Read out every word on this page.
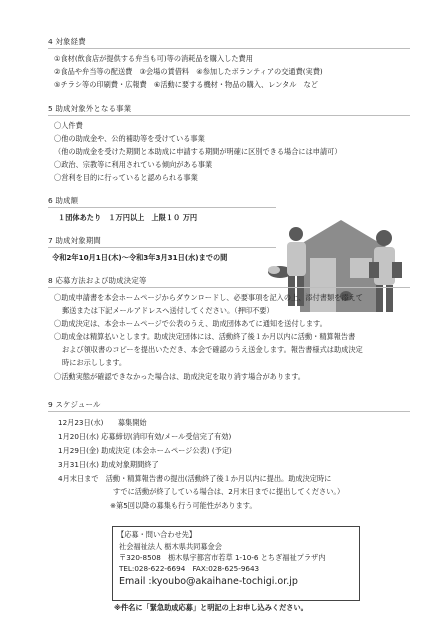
4 対象経費
①食材(飲食店が提供する弁当も可)等の消耗品を購入した費用
②食品や弁当等の配送費　③会場の賃借料　④参加したボランティアの交通費(実費)
⑤チラシ等の印刷費・広報費　⑥活動に要する機材・物品の購入、レンタル　など
5 助成対象外となる事業
〇人件費
〇他の助成金や、公的補助等を受けている事業
（他の助成金を受けた期間と本助成に申請する期間が明確に区別できる場合には申請可）
〇政治、宗教等に利用されている傾向がある事業
〇営利を目的に行っていると認められる事業
6 助成額
１団体あたり　１万円以上　上限１０ 万円
7 助成対象期間
令和2年10月1日(木)～令和3年3月31日(水)までの間
8 応募方法および助成決定等
〇助成申請書を本会ホームページからダウンロードし、必要事項を記入の上、添付書類を添えて
郵送または下記メールアドレスへ送付してください。（押印不要）
〇助成決定は、本会ホームページで公表のうえ、助成団体あてに通知を送付します。
〇助成金は精算払いとします。助成決定団体には、活動終了後１か月以内に活動・精算報告書
および領収書のコピーを提出いただき、本会で確認のうえ送金します。報告書様式は助成決定
時にお示しします。
〇活動実態が確認できなかった場合は、助成決定を取り消す場合があります。
9 スケジュール
12月23日(水)　　募集開始
1月20日(水) 応募締切(消印有効/メール受信完了有効)
1月29日(金) 助成決定 (本会ホームページ公表) (予定)
3月31日(水) 助成対象期間終了
4月末日まで　活動・精算報告書の提出(活動終了後１か月以内に提出。助成決定時に
すでに活動が終了している場合は、2月末日までに提出してください。）
※第5回以降の募集も行う可能性があります。
【応募・問い合わせ先】
社会福祉法人 栃木県共同募金会
〒320-8508　栃木県宇都宮市若草 1-10-6 とちぎ福祉プラザ内
TEL:028-622-6694　FAX:028-625-9643
Email :kyoubo@akaihane-tochigi.or.jp
※件名に「緊急助成応募」と明記の上お申し込みください。
